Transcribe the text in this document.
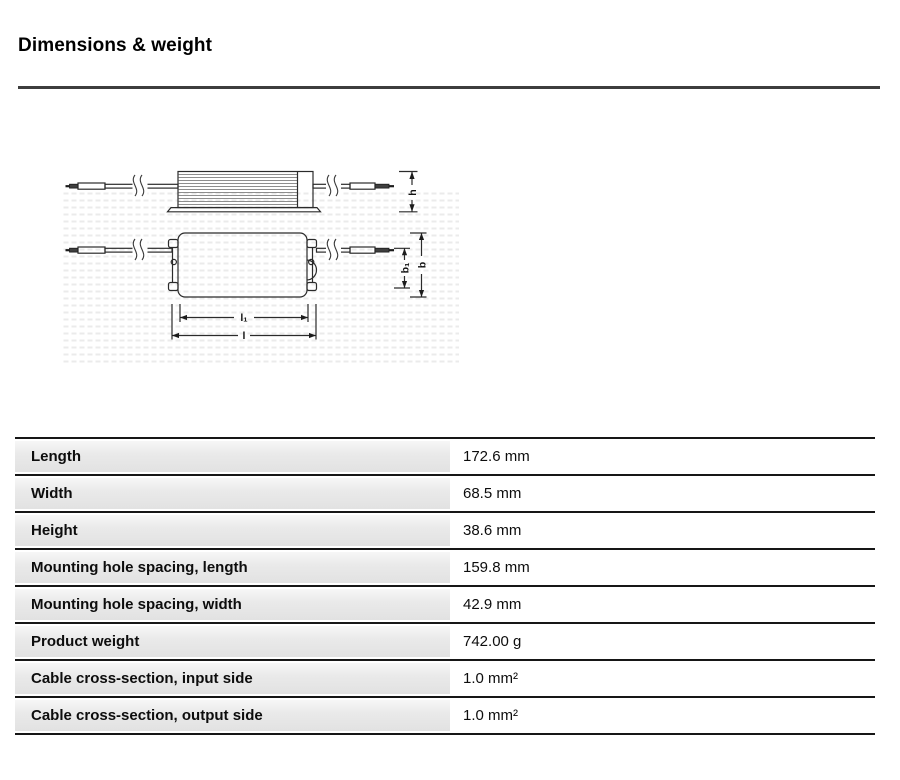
Dimensions & weight
h
b₁ b
l₁
l
Length	172.6 mm
Width	68.5 mm
Height	38.6 mm
Mounting hole spacing, length	159.8 mm
Mounting hole spacing, width	42.9 mm
Product weight	742.00 g
Cable cross-section, input side	1.0 mm²
Cable cross-section, output side	1.0 mm²
